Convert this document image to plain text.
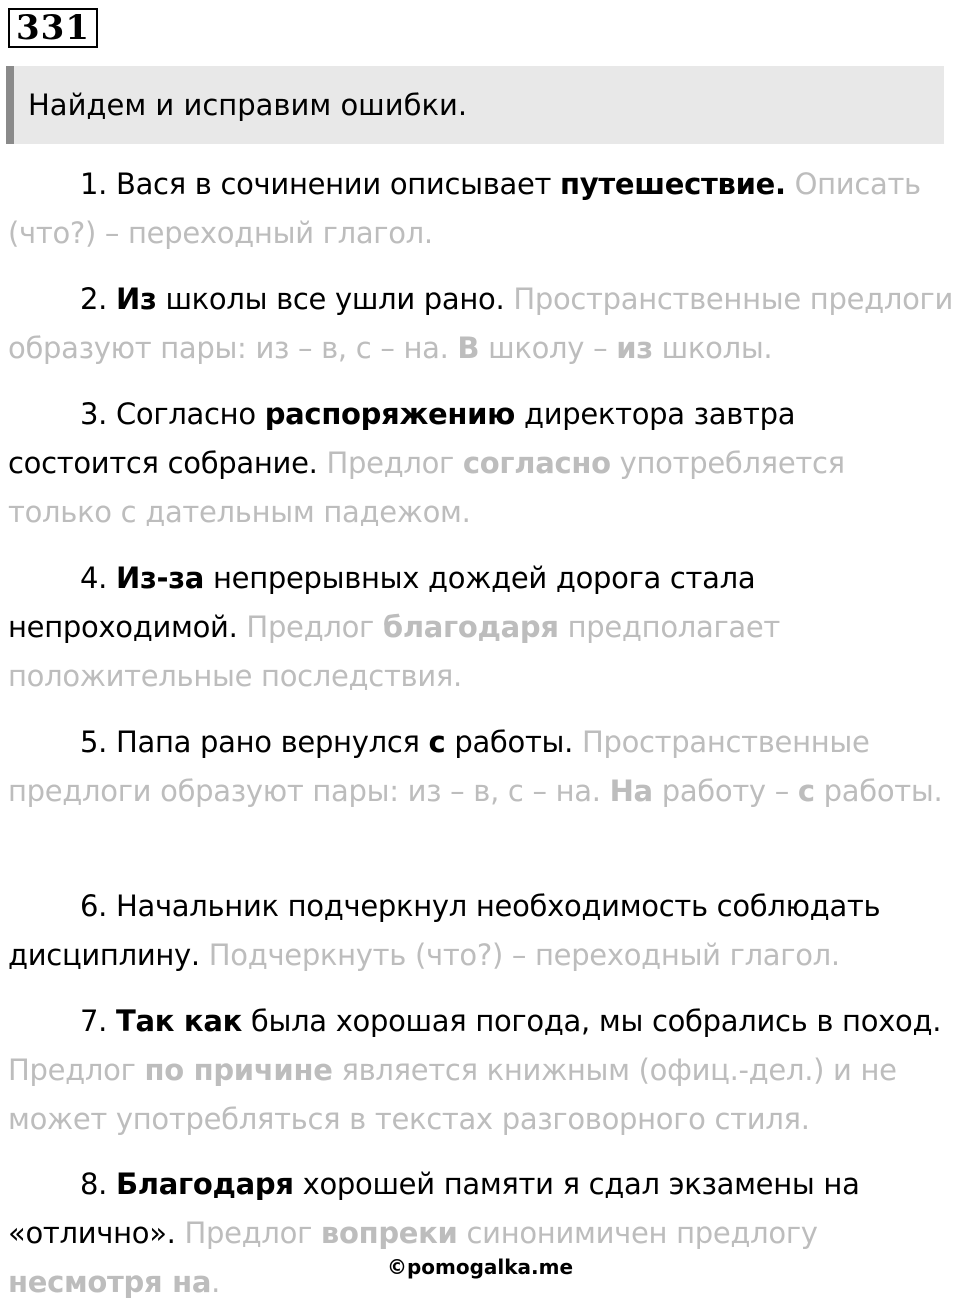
331
Найдем и исправим ошибки.
1. Вася в сочинении описывает путешествие. Описать (что?) – переходный глагол.
2. Из школы все ушли рано. Пространственные предлоги образуют пары: из – в, с – на. В школу – из школы.
3. Согласно распоряжению директора завтра состоится собрание. Предлог согласно употребляется только с дательным падежом.
4. Из-за непрерывных дождей дорога стала непроходимой. Предлог благодаря предполагает положительные последствия.
5. Папа рано вернулся с работы. Пространственные предлоги образуют пары: из – в, с – на. На работу – с работы.
6. Начальник подчеркнул необходимость соблюдать дисциплину. Подчеркнуть (что?) – переходный глагол.
7. Так как была хорошая погода, мы собрались в поход. Предлог по причине является книжным (офиц.-дел.) и не может употребляться в текстах разговорного стиля.
8. Благодаря хорошей памяти я сдал экзамены на «отлично». Предлог вопреки синонимичен предлогу несмотря на.	©pomogalka.me
